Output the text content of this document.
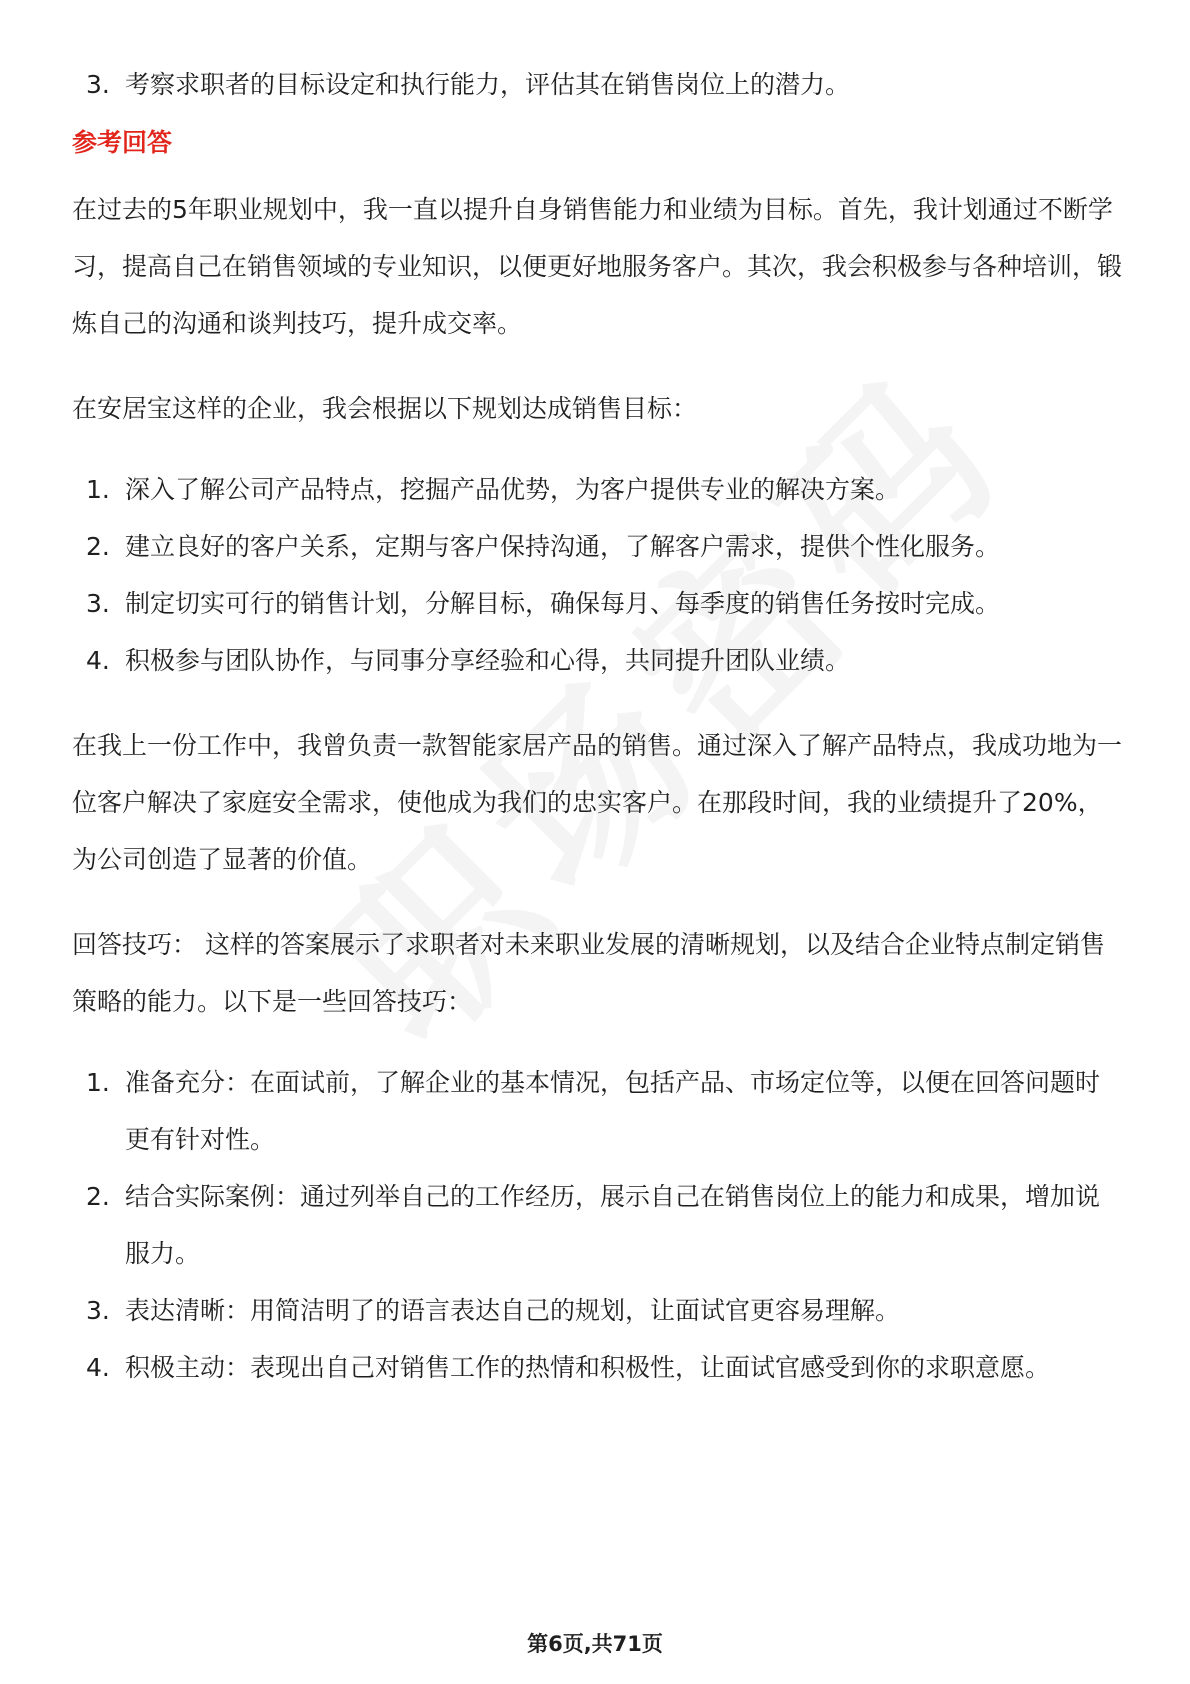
3. 考察求职者的目标设定和执行能力，评估其在销售岗位上的潜力。
参考回答

在过去的5年职业规划中，我一直以提升自身销售能力和业绩为目标。首先，我计划通过不断学习，提高自己在销售领域的专业知识，以便更好地服务客户。其次，我会积极参与各种培训，锻炼自己的沟通和谈判技巧，提升成交率。

在安居宝这样的企业，我会根据以下规划达成销售目标：

1. 深入了解公司产品特点，挖掘产品优势，为客户提供专业的解决方案。
2. 建立良好的客户关系，定期与客户保持沟通，了解客户需求，提供个性化服务。
3. 制定切实可行的销售计划，分解目标，确保每月、每季度的销售任务按时完成。
4. 积极参与团队协作，与同事分享经验和心得，共同提升团队业绩。

在我上一份工作中，我曾负责一款智能家居产品的销售。通过深入了解产品特点，我成功地为一位客户解决了家庭安全需求，使他成为我们的忠实客户。在那段时间，我的业绩提升了20%，为公司创造了显著的价值。

回答技巧： 这样的答案展示了求职者对未来职业发展的清晰规划，以及结合企业特点制定销售策略的能力。以下是一些回答技巧：

1. 准备充分：在面试前，了解企业的基本情况，包括产品、市场定位等，以便在回答问题时更有针对性。
2. 结合实际案例：通过列举自己的工作经历，展示自己在销售岗位上的能力和成果，增加说服力。
3. 表达清晰：用简洁明了的语言表达自己的规划，让面试官更容易理解。
4. 积极主动：表现出自己对销售工作的热情和积极性，让面试官感受到你的求职意愿。
第6页,共71页
